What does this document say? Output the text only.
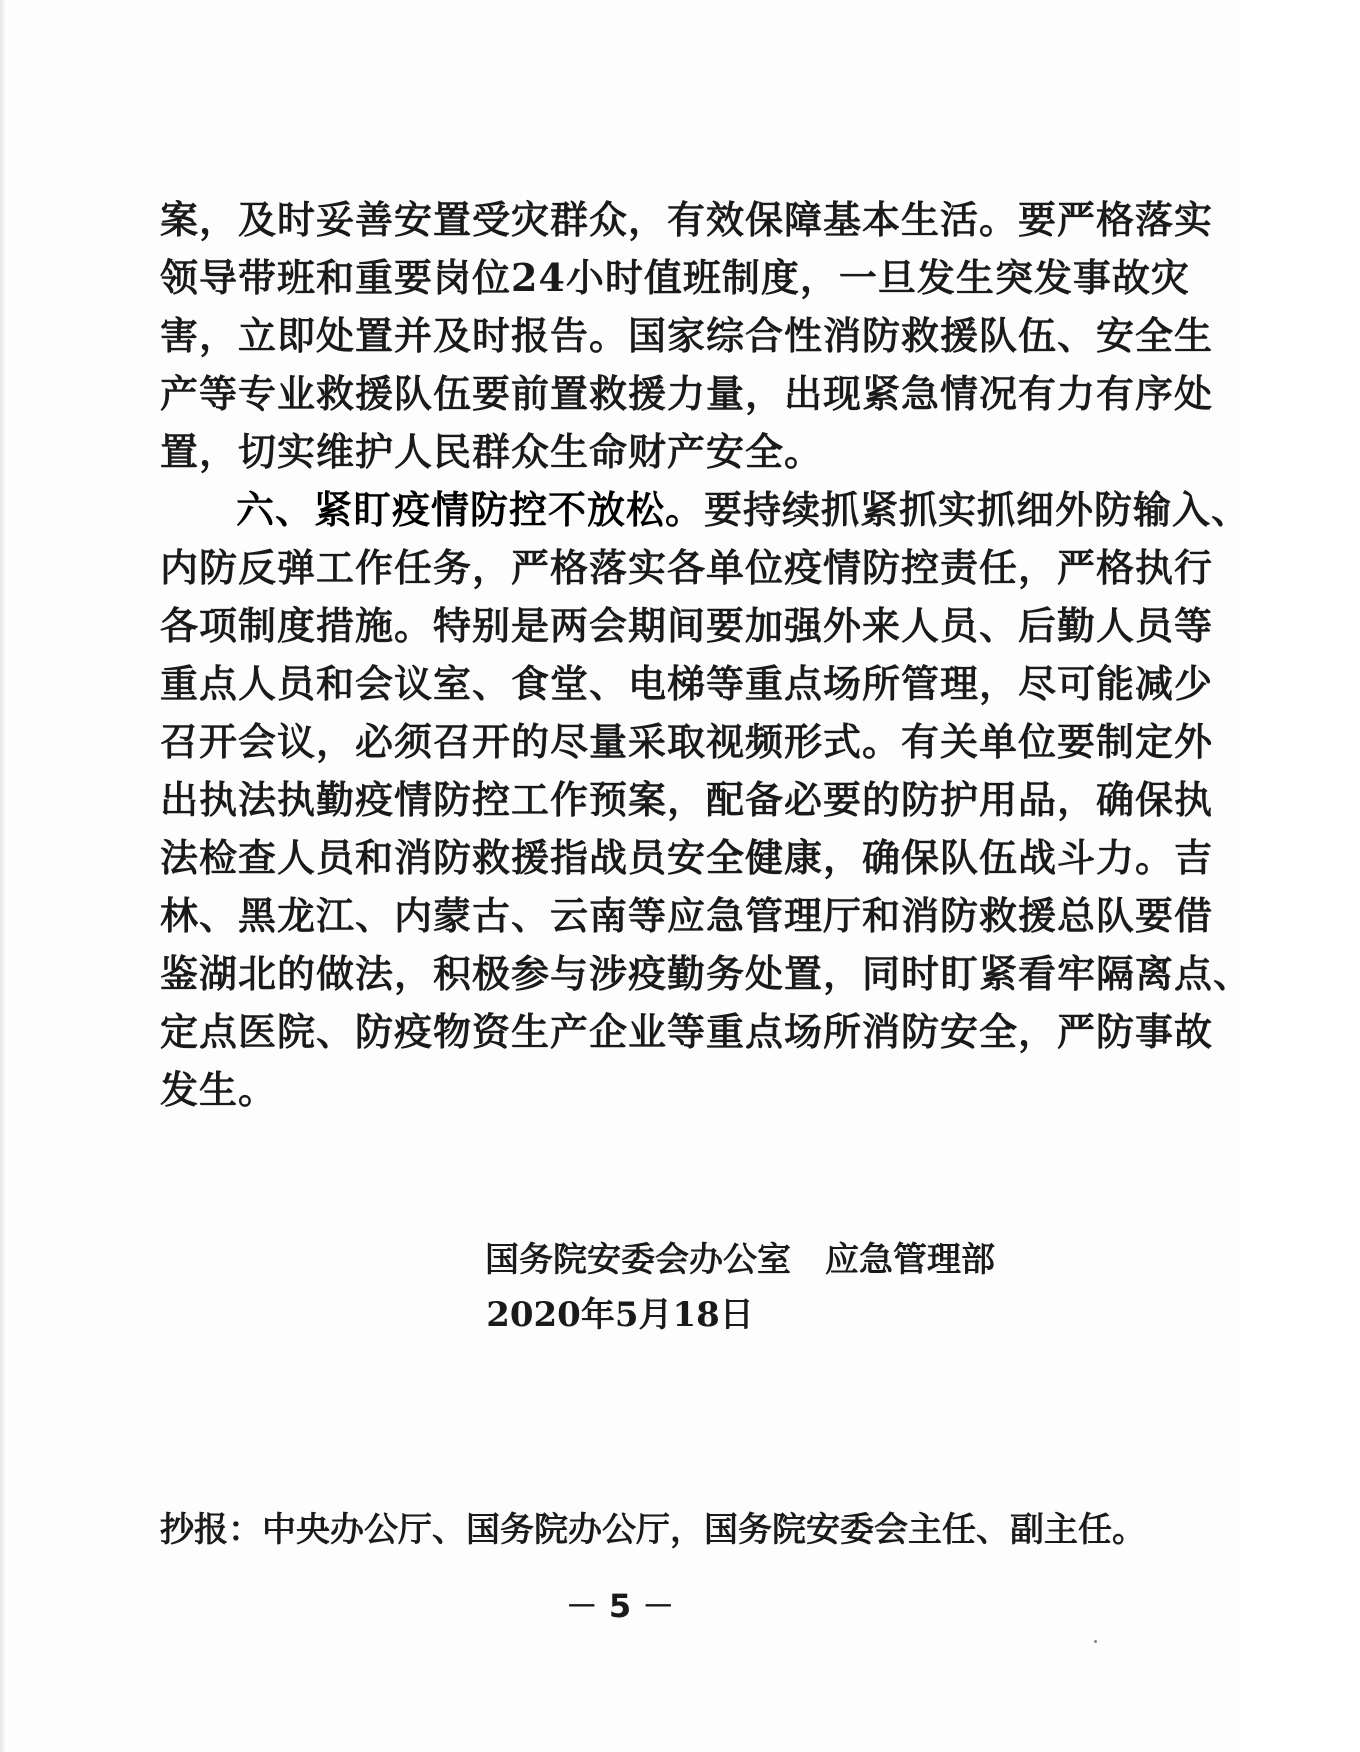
案，及时妥善安置受灾群众，有效保障基本生活。要严格落实
领导带班和重要岗位24小时值班制度，一旦发生突发事故灾
害，立即处置并及时报告。国家综合性消防救援队伍、安全生
产等专业救援队伍要前置救援力量，出现紧急情况有力有序处
置，切实维护人民群众生命财产安全。
六、紧盯疫情防控不放松。要持续抓紧抓实抓细外防输入、
内防反弹工作任务，严格落实各单位疫情防控责任，严格执行
各项制度措施。特别是两会期间要加强外来人员、后勤人员等
重点人员和会议室、食堂、电梯等重点场所管理，尽可能减少
召开会议，必须召开的尽量采取视频形式。有关单位要制定外
出执法执勤疫情防控工作预案，配备必要的防护用品，确保执
法检查人员和消防救援指战员安全健康，确保队伍战斗力。吉
林、黑龙江、内蒙古、云南等应急管理厅和消防救援总队要借
鉴湖北的做法，积极参与涉疫勤务处置，同时盯紧看牢隔离点、
定点医院、防疫物资生产企业等重点场所消防安全，严防事故
发生。
国务院安委会办公室　应急管理部
2020年5月18日
抄报：中央办公厅、国务院办公厅，国务院安委会主任、副主任。
－ 5 －
